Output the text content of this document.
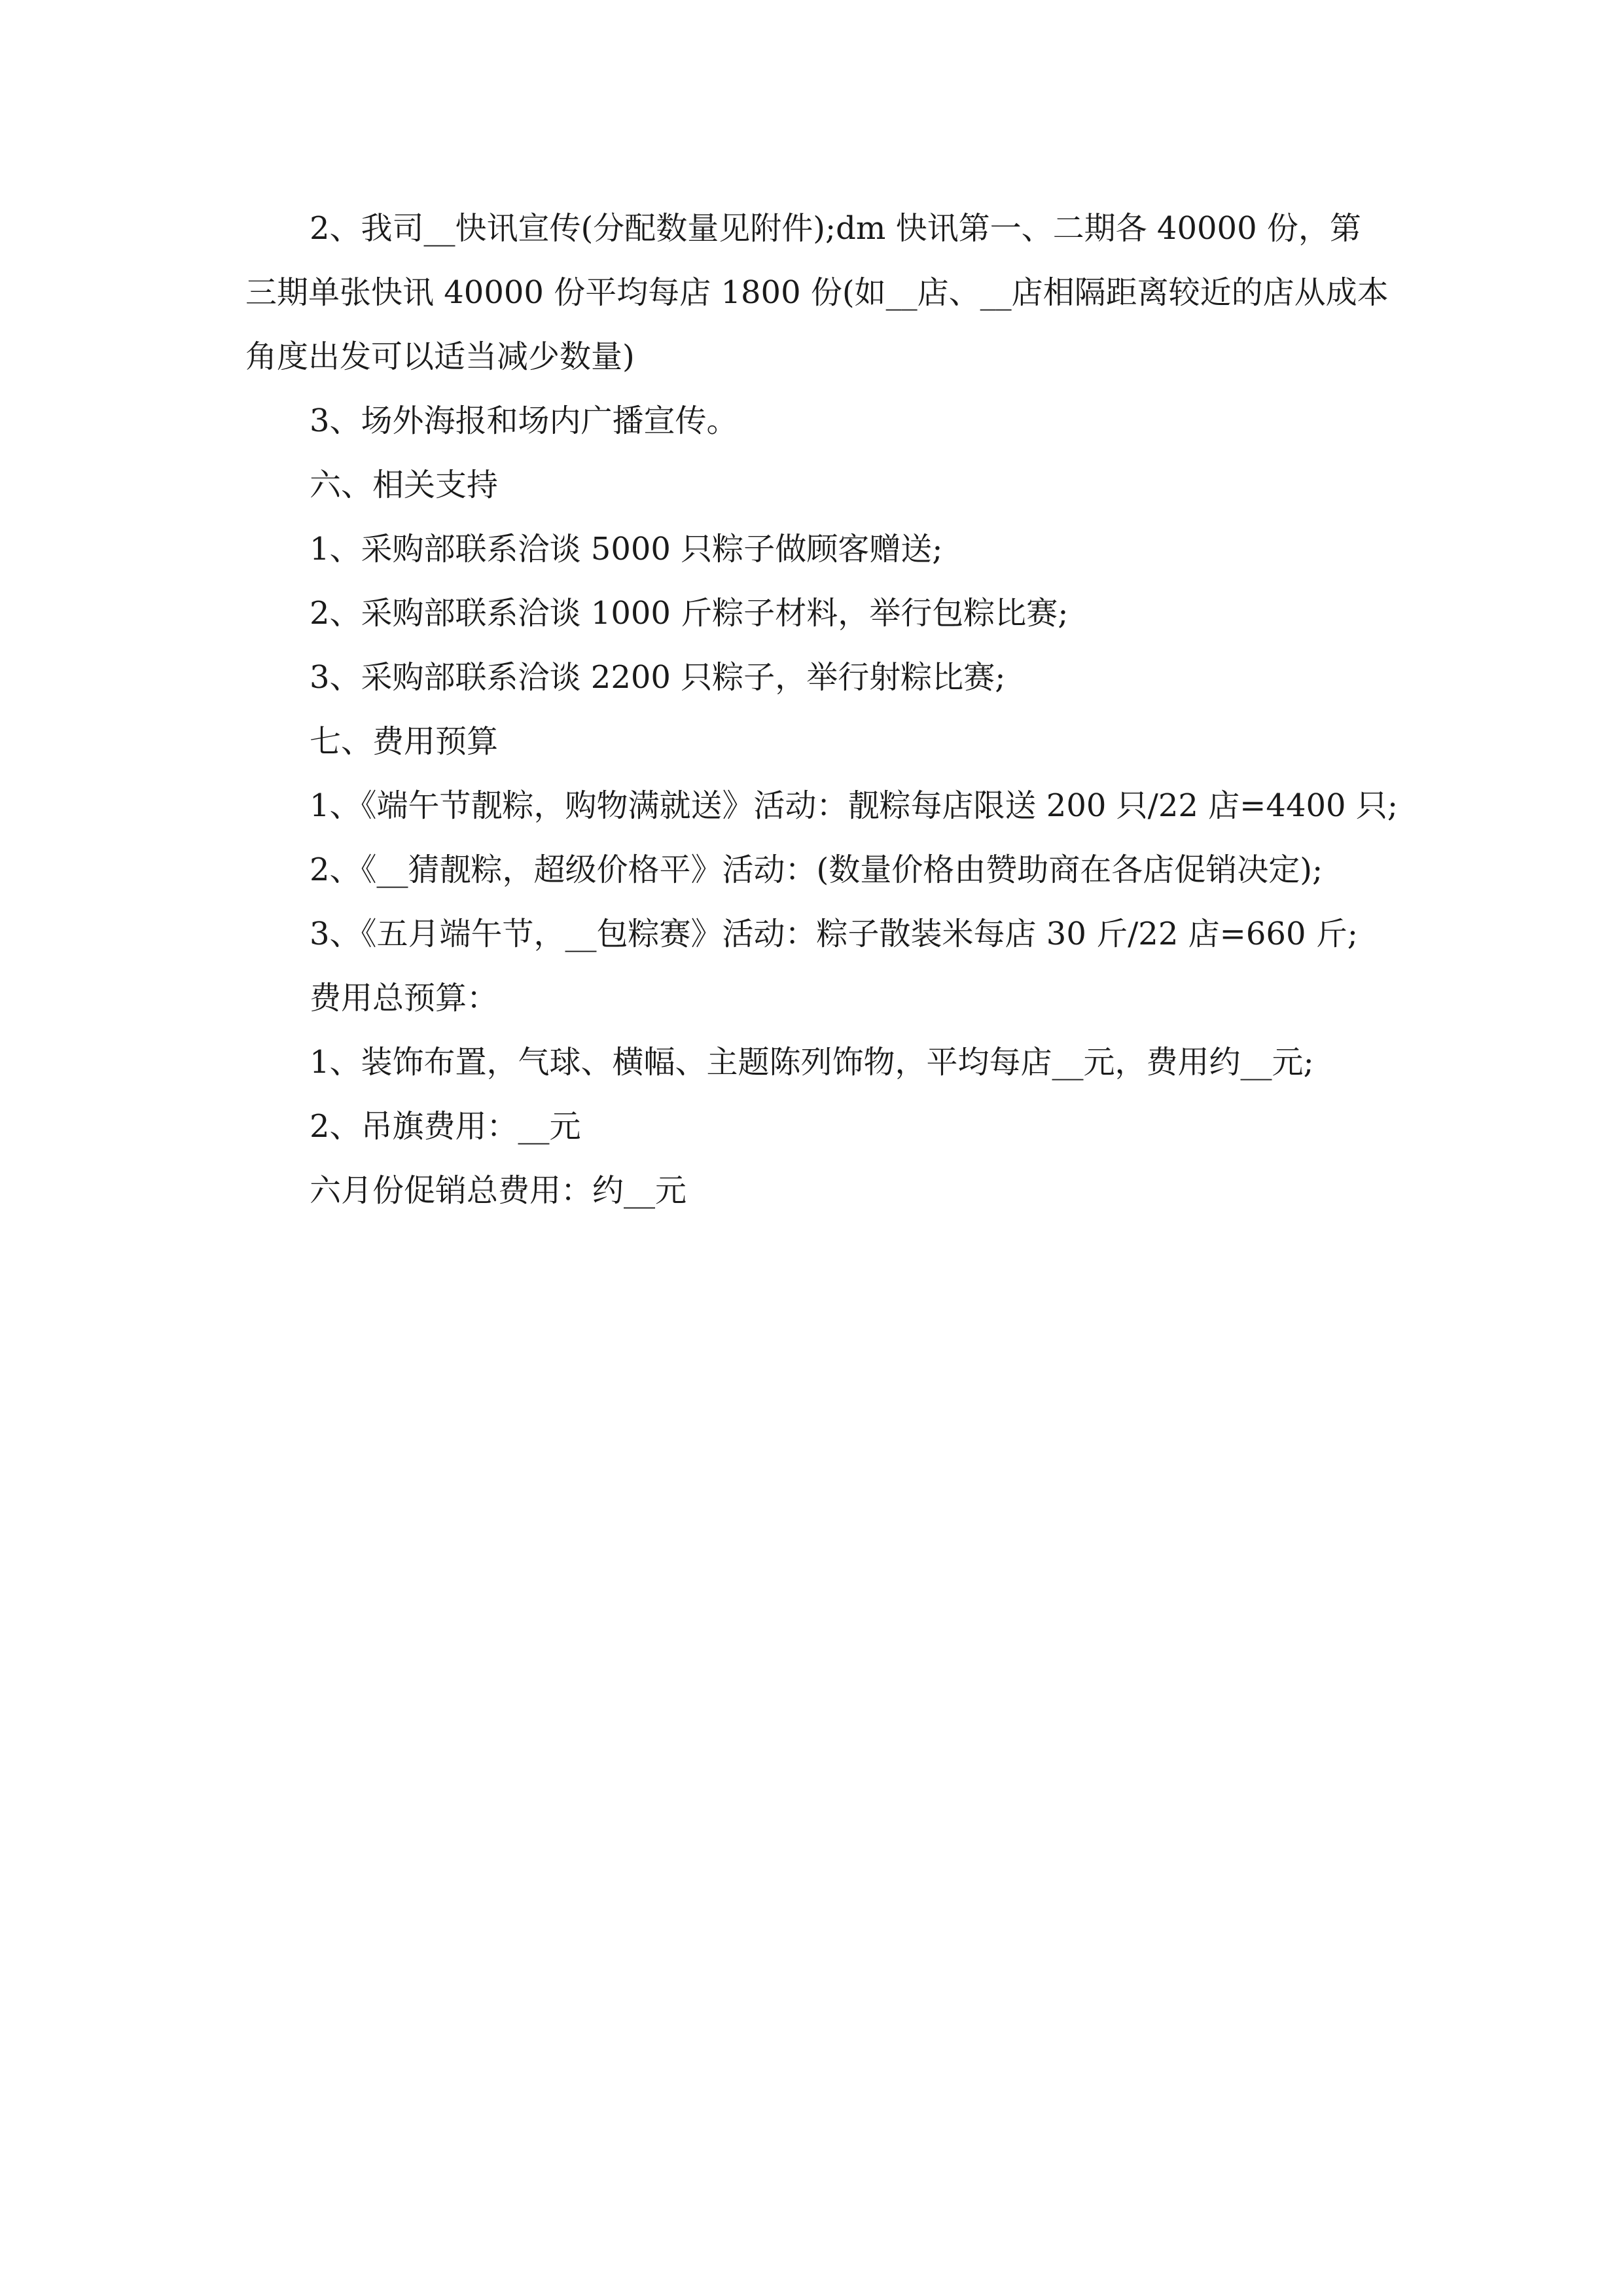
2、我司__快讯宣传(分配数量见附件);dm 快讯第一、二期各 40000 份，第
三期单张快讯 40000 份平均每店 1800 份(如__店、__店相隔距离较近的店从成本
角度出发可以适当减少数量)
3、场外海报和场内广播宣传。
六、相关支持
1、采购部联系洽谈 5000 只粽子做顾客赠送;
2、采购部联系洽谈 1000 斤粽子材料，举行包粽比赛;
3、采购部联系洽谈 2200 只粽子，举行射粽比赛;
七、费用预算
1、《端午节靓粽，购物满就送》活动：靓粽每店限送 200 只/22 店=4400 只;
2、《__猜靓粽，超级价格平》活动：(数量价格由赞助商在各店促销决定);
3、《五月端午节，__包粽赛》活动：粽子散装米每店 30 斤/22 店=660 斤;
费用总预算：
1、装饰布置，气球、横幅、主题陈列饰物，平均每店__元，费用约__元;
2、吊旗费用：__元
六月份促销总费用：约__元
